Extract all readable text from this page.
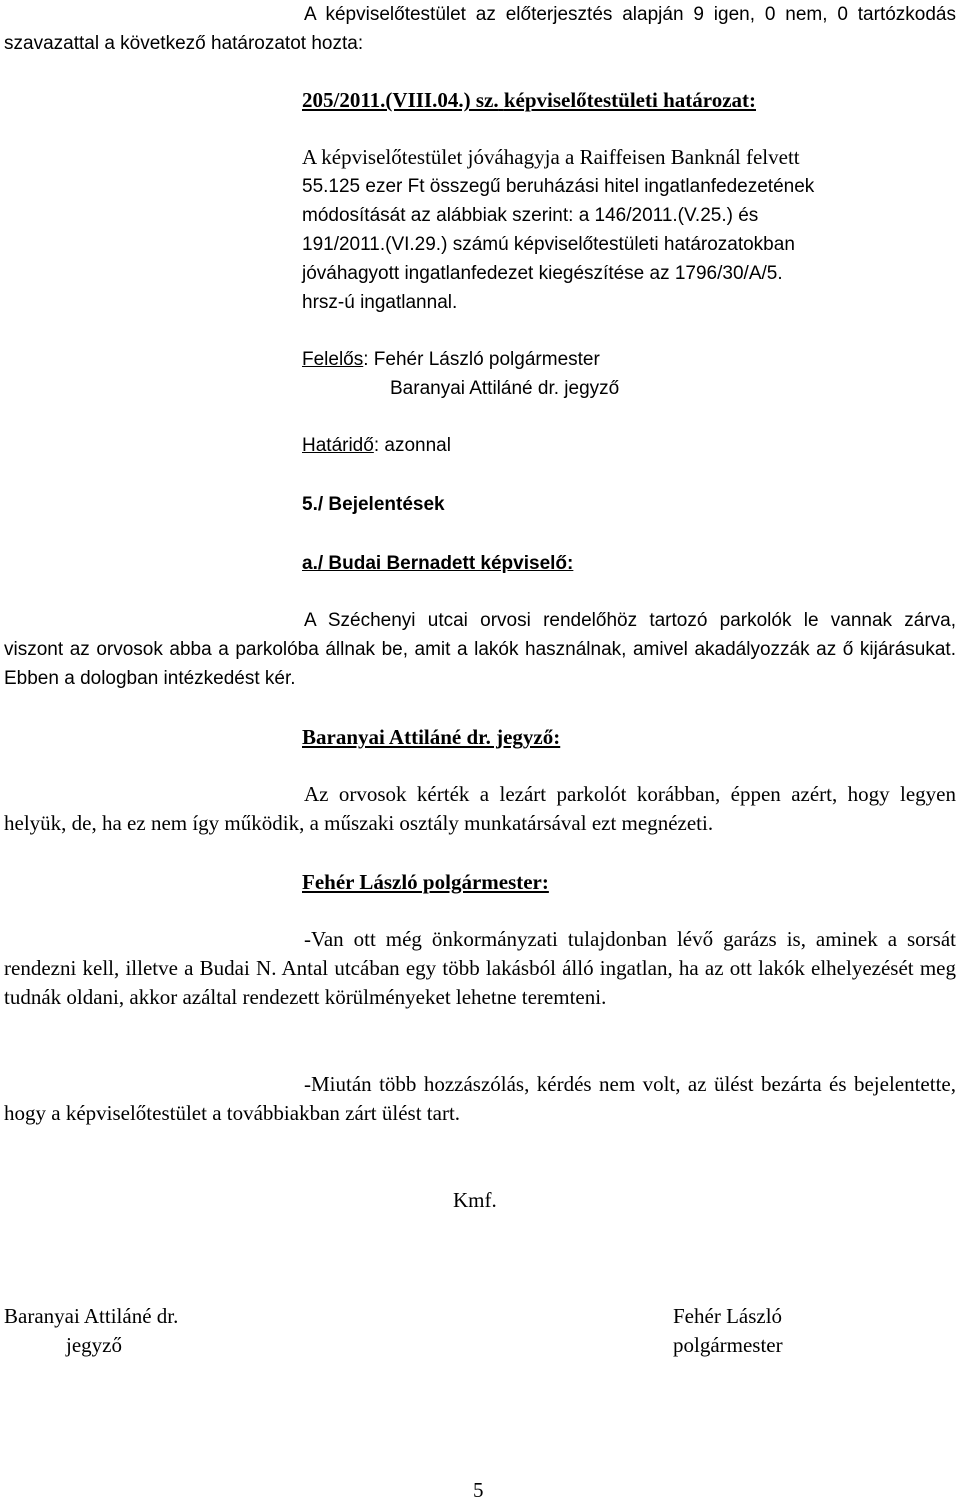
A képviselőtestület az előterjesztés alapján 9 igen, 0 nem, 0 tartózkodás szavazattal a következő határozatot hozta:

205/2011.(VIII.04.) sz. képviselőtestületi határozat:
A képviselőtestület jóváhagyja a Raiffeisen Banknál felvett
55.125 ezer Ft összegű beruházási hitel ingatlanfedezetének
módosítását az alábbiak szerint: a 146/2011.(V.25.) és
191/2011.(VI.29.) számú képviselőtestületi határozatokban
jóváhagyott ingatlanfedezet kiegészítése az 1796/30/A/5.
hrsz-ú ingatlannal.
Felelős: Fehér László polgármester
Baranyai Attiláné dr. jegyző
Határidő: azonnal
5./ Bejelentések
a./ Budai Bernadett képviselő:

A Széchenyi utcai orvosi rendelőhöz tartozó parkolók le vannak zárva, viszont az orvosok abba a parkolóba állnak be, amit a lakók használnak, amivel akadályozzák az ő kijárásukat. Ebben a dologban intézkedést kér.

Baranyai Attiláné dr. jegyző:

Az orvosok kérték a lezárt parkolót korábban, éppen azért, hogy legyen helyük, de, ha ez nem így működik, a műszaki osztály munkatársával ezt megnézeti.

Fehér László polgármester:

-Van ott még önkormányzati tulajdonban lévő garázs is, aminek a sorsát rendezni kell, illetve a Budai N. Antal utcában egy több lakásból álló ingatlan, ha az ott lakók elhelyezését meg tudnák oldani, akkor azáltal rendezett körülményeket lehetne teremteni.

-Miután több hozzászólás, kérdés nem volt, az ülést bezárta és bejelentette, hogy a képviselőtestület a továbbiakban zárt ülést tart.

Kmf.
Baranyai Attiláné dr.
jegyző
Fehér László
polgármester
5
